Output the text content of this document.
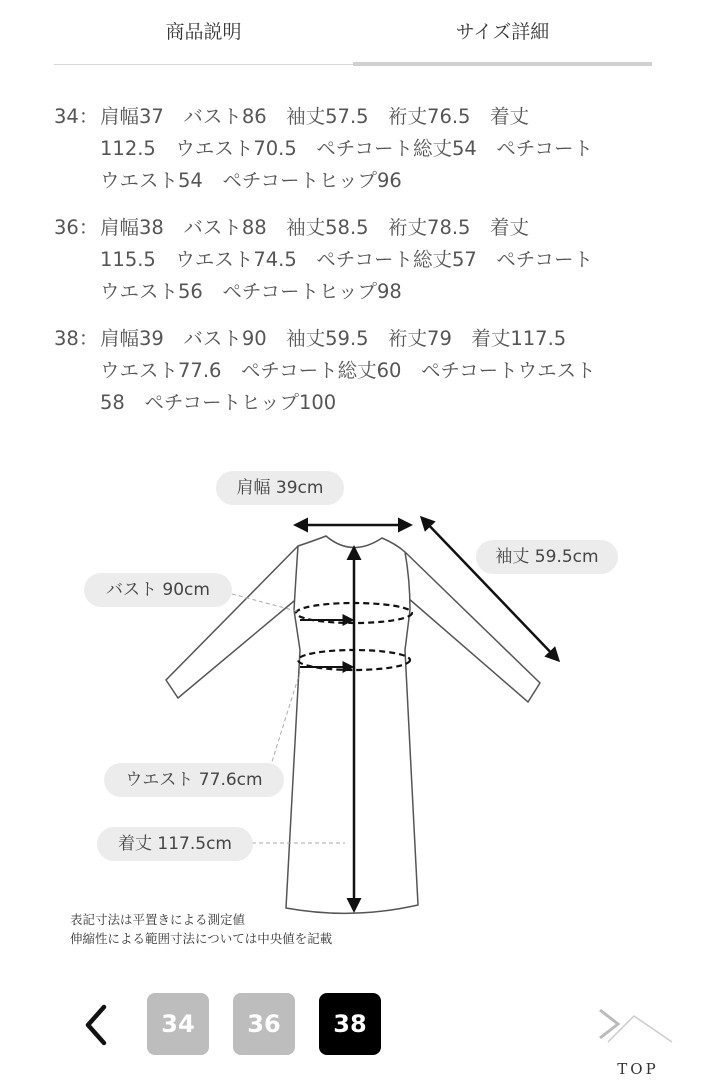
商品説明	サイズ詳細
34： 肩幅37　バスト86　袖丈57.5　裄丈76.5　着丈
112.5　ウエスト70.5　ペチコート総丈54　ペチコート
ウエスト54　ペチコートヒップ96
36： 肩幅38　バスト88　袖丈58.5　裄丈78.5　着丈
115.5　ウエスト74.5　ペチコート総丈57　ペチコート
ウエスト56　ペチコートヒップ98
38： 肩幅39　バスト90　袖丈59.5　裄丈79　着丈117.5
ウエスト77.6　ペチコート総丈60　ペチコートウエスト
58　ペチコートヒップ100
肩幅 39cm
袖丈 59.5cm
バスト 90cm
ウエスト 77.6cm
着丈 117.5cm
表記寸法は平置きによる測定値
伸縮性による範囲寸法については中央値を記載
34	36	38
TOP
